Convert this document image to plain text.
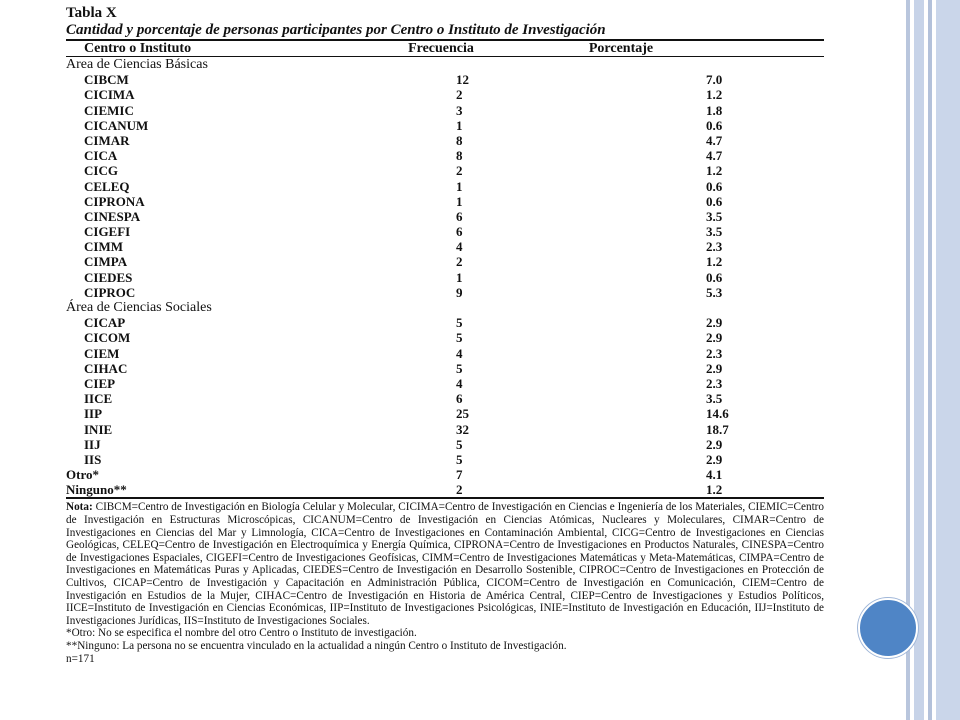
Tabla X
Cantidad y porcentaje de personas participantes por Centro o Instituto de Investigación
Centro o Instituto	Frecuencia	Porcentaje
Area de Ciencias Básicas
CIBCM	12	7.0
CICIMA	2	1.2
CIEMIC	3	1.8
CICANUM	1	0.6
CIMAR	8	4.7
CICA	8	4.7
CICG	2	1.2
CELEQ	1	0.6
CIPRONA	1	0.6
CINESPA	6	3.5
CIGEFI	6	3.5
CIMM	4	2.3
CIMPA	2	1.2
CIEDES	1	0.6
CIPROC	9	5.3
Área de Ciencias Sociales
CICAP	5	2.9
CICOM	5	2.9
CIEM	4	2.3
CIHAC	5	2.9
CIEP	4	2.3
IICE	6	3.5
IIP	25	14.6
INIE	32	18.7
IIJ	5	2.9
IIS	5	2.9
Otro*	7	4.1
Ninguno**	2	1.2

Nota: CIBCM=Centro de Investigación en Biología Celular y Molecular, CICIMA=Centro de Investigación en Ciencias e Ingeniería de los Materiales, CIEMIC=Centro de Investigación en Estructuras Microscópicas, CICANUM=Centro de Investigación en Ciencias Atómicas, Nucleares y Moleculares, CIMAR=Centro de Investigaciones en Ciencias del Mar y Limnología, CICA=Centro de Investigaciones en Contaminación Ambiental, CICG=Centro de Investigaciones en Ciencias Geológicas, CELEQ=Centro de Investigación en Electroquímica y Energía Química, CIPRONA=Centro de Investigaciones en Productos Naturales, CINESPA=Centro de Investigaciones Espaciales, CIGEFI=Centro de Investigaciones Geofísicas, CIMM=Centro de Investigaciones Matemáticas y Meta-Matemáticas, CIMPA=Centro de Investigaciones en Matemáticas Puras y Aplicadas, CIEDES=Centro de Investigación en Desarrollo Sostenible, CIPROC=Centro de Investigaciones en Protección de Cultivos, CICAP=Centro de Investigación y Capacitación en Administración Pública, CICOM=Centro de Investigación en Comunicación, CIEM=Centro de Investigación en Estudios de la Mujer, CIHAC=Centro de Investigación en Historia de América Central, CIEP=Centro de Investigaciones y Estudios Políticos, IICE=Instituto de Investigación en Ciencias Económicas, IIP=Instituto de Investigaciones Psicológicas, INIE=Instituto de Investigación en Educación, IIJ=Instituto de Investigaciones Jurídicas, IIS=Instituto de Investigaciones Sociales.

*Otro: No se especifica el nombre del otro Centro o Instituto de investigación.

**Ninguno: La persona no se encuentra vinculado en la actualidad a ningún Centro o Instituto de Investigación.

n=171
